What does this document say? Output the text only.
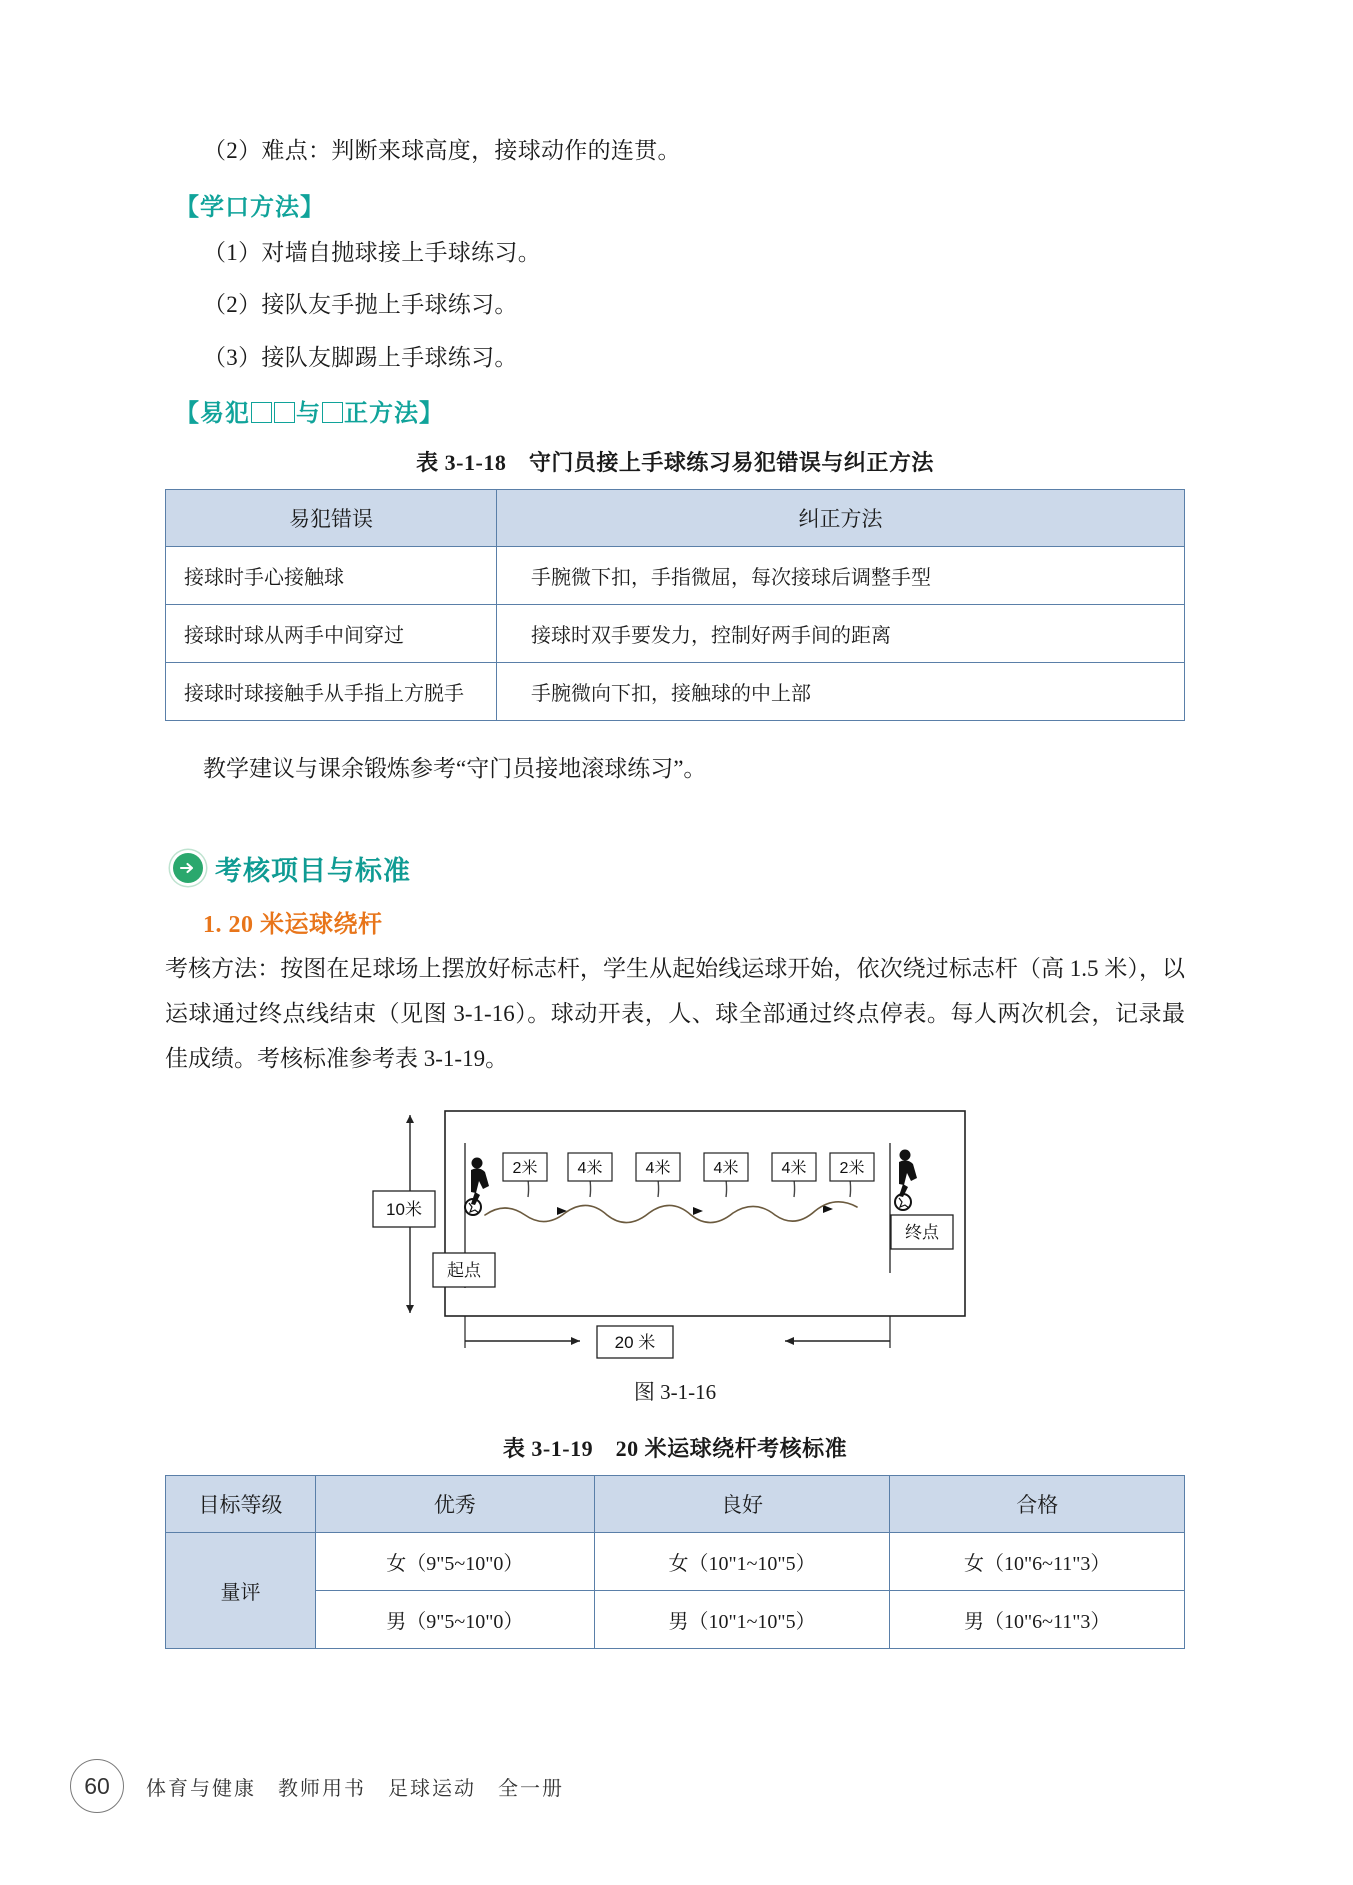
（2）难点：判断来球高度，接球动作的连贯。

【学口方法】

（1）对墙自抛球接上手球练习。

（2）接队友手抛上手球练习。

（3）接队友脚踢上手球练习。

【易犯 与 正方法】
表 3-1-18　守门员接上手球练习易犯错误与纠正方法
易犯错误	纠正方法
接球时手心接触球	手腕微下扣，手指微屈，每次接球后调整手型
接球时球从两手中间穿过	接球时双手要发力，控制好两手间的距离
接球时球接触手从手指上方脱手	手腕微向下扣，接触球的中上部

教学建议与课余锻炼参考“守门员接地滚球练习”。

考核项目与标准
1. 20 米运球绕杆

考核方法：按图在足球场上摆放好标志杆，学生从起始线运球开始，依次绕过标志杆（高 1.5 米），以运球通过终点线结束（见图 3-1-16）。球动开表，人、球全部通过终点停表。每人两次机会，记录最佳成绩。考核标准参考表 3-1-19。

10米
起点
终点
2米	4米	4米	4米	4米 2米
20 米
图 3-1-16
表 3-1-19　20 米运球绕杆考核标准
目标等级	优秀	良好	合格
量评	女（9"5~10"0）	女（10"1~10"5）	女（10"6~11"3）
	男（9"5~10"0）	男（10"1~10"5）	男（10"6~11"3）
60	体育与健康　教师用书　足球运动　全一册
